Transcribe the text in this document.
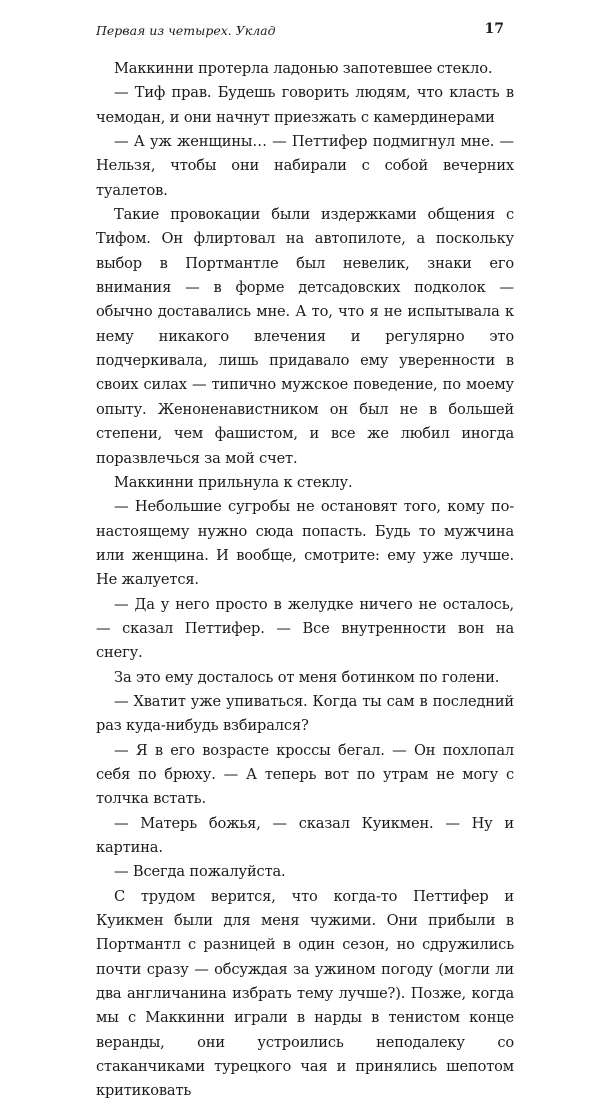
Первая из четырех. Уклад	17

Маккинни протерла ладонью запотевшее стекло.

— Тиф прав. Будешь говорить людям, что класть в чемодан, и они начнут приезжать с камердинерами

— А уж женщины… — Петтифер подмигнул мне. — Нельзя, чтобы они набирали с собой вечерних туалетов.

Такие провокации были издержками общения с Тифом. Он флиртовал на автопилоте, а поскольку выбор в Портмантле был невелик, знаки его внимания — в форме детсадовских подколок — обычно доставались мне. А то, что я не испытывала к нему никакого влечения и регулярно это подчеркивала, лишь придавало ему уверенности в своих силах — типично мужское поведение, по моему опыту. Женоненавистником он был не в большей степени, чем фашистом, и все же любил иногда поразвлечься за мой счет.

Маккинни прильнула к стеклу.

— Небольшие сугробы не остановят того, кому по-настоящему нужно сюда попасть. Будь то мужчина или женщина. И вообще, смотрите: ему уже лучше. Не жалуется.

— Да у него просто в желудке ничего не осталось, — сказал Петтифер. — Все внутренности вон на снегу.

За это ему досталось от меня ботинком по голени.

— Хватит уже упиваться. Когда ты сам в последний раз куда-нибудь взбирался?

— Я в его возрасте кроссы бегал. — Он похлопал себя по брюху. — А теперь вот по утрам не могу с толчка встать.

— Матерь божья, — сказал Куикмен. — Ну и картина.

— Всегда пожалуйста.

С трудом верится, что когда-то Петтифер и Куикмен были для меня чужими. Они прибыли в Портмантл с разницей в один сезон, но сдружились почти сразу — обсуждая за ужином погоду (могли ли два англичанина избрать тему лучше?). Позже, когда мы с Маккинни играли в нарды в тенистом конце веранды, они устроились неподалеку со стаканчиками турецкого чая и принялись шепотом критиковать
